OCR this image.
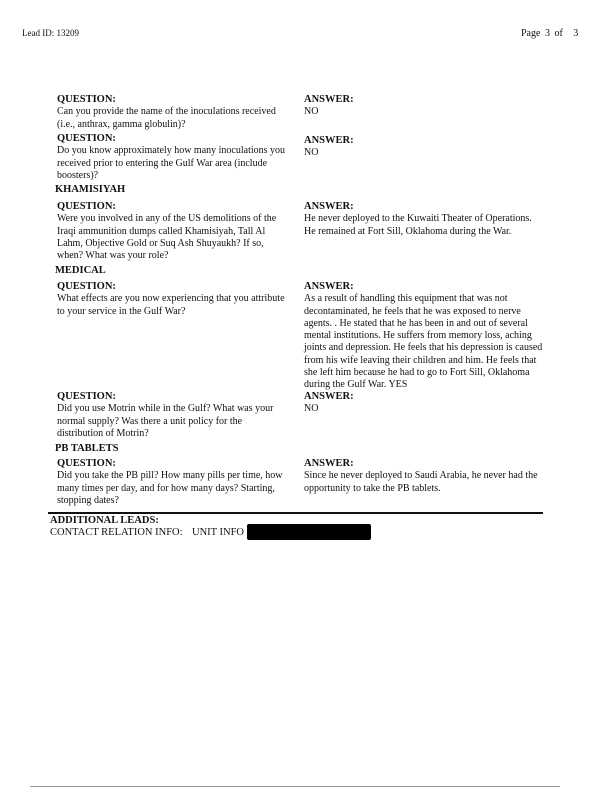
Lead ID: 13209	Page 3 of 3
QUESTION:
Can you provide the name of the inoculations received (i.e., anthrax, gamma globulin)?
ANSWER:
NO
QUESTION:
Do you know approximately how many inoculations you received prior to entering the Gulf War area (include boosters)?
ANSWER:
NO
KHAMISIYAH
QUESTION:
Were you involved in any of the US demolitions of the Iraqi ammunition dumps called Khamisiyah, Tall Al Lahm, Objective Gold or Suq Ash Shuyaukh? If so, when? What was your role?
ANSWER:
He never deployed to the Kuwaiti Theater of Operations. He remained at Fort Sill, Oklahoma during the War.
MEDICAL
QUESTION:
What effects are you now experiencing that you attribute to your service in the Gulf War?
ANSWER:
As a result of handling this equipment that was not decontaminated, he feels that he was exposed to nerve agents. . He stated that he has been in and out of several mental institutions. He suffers from memory loss, aching joints and depression. He feels that his depression is caused from his wife leaving their children and him. He feels that she left him because he had to go to Fort Sill, Oklahoma during the Gulf War. YES
QUESTION:
Did you use Motrin while in the Gulf? What was your normal supply? Was there a unit policy for the distribution of Motrin?
ANSWER:
NO
PB TABLETS
QUESTION:
Did you take the PB pill? How many pills per time, how many times per day, and for how many days? Starting, stopping dates?
ANSWER:
Since he never deployed to Saudi Arabia, he never had the opportunity to take the PB tablets.
ADDITIONAL LEADS:
CONTACT RELATION INFO: UNIT INFO
